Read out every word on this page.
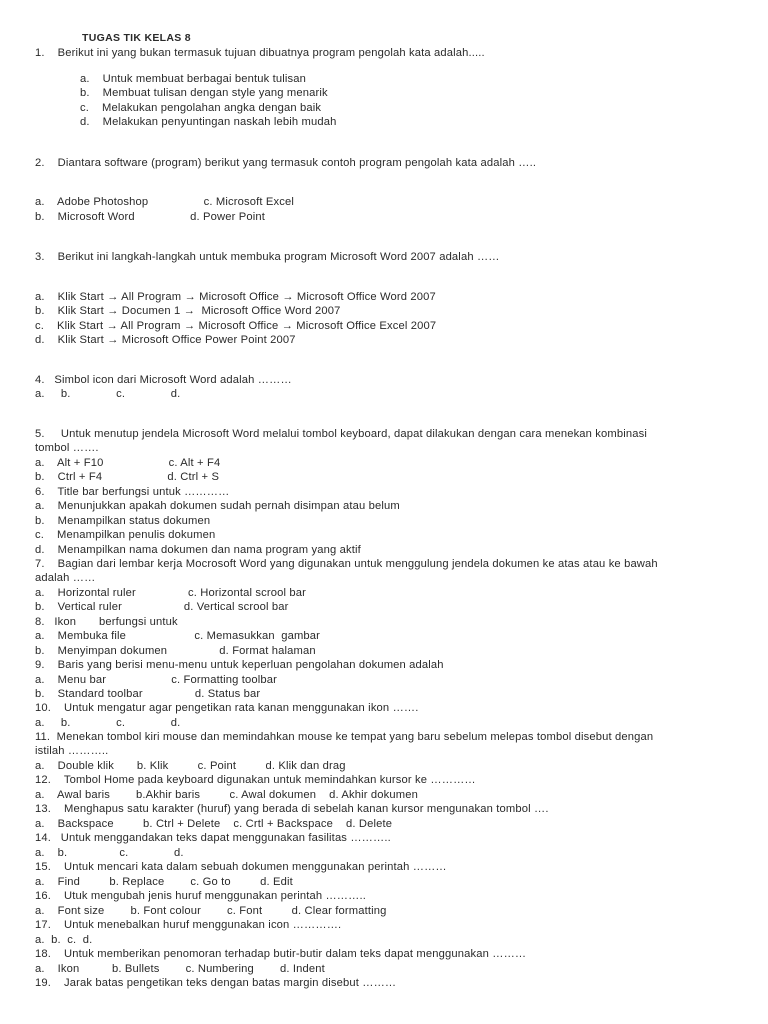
TUGAS TIK KELAS 8
1.    Berikut ini yang bukan termasuk tujuan dibuatnya program pengolah kata adalah.....
a.    Untuk membuat berbagai bentuk tulisan
b.    Membuat tulisan dengan style yang menarik
c.    Melakukan pengolahan angka dengan baik
d.    Melakukan penyuntingan naskah lebih mudah
2.    Diantara software (program) berikut yang termasuk contoh program pengolah kata adalah …..
a.    Adobe Photoshop                 c. Microsoft Excel
b.    Microsoft Word                 d. Power Point
3.    Berikut ini langkah-langkah untuk membuka program Microsoft Word 2007 adalah ……
a.    Klik Start → All Program → Microsoft Office → Microsoft Office Word 2007
b.    Klik Start → Documen 1 →  Microsoft Office Word 2007
c.    Klik Start → All Program → Microsoft Office → Microsoft Office Excel 2007
d.    Klik Start → Microsoft Office Power Point 2007
4.   Simbol icon dari Microsoft Word adalah ………
a.     b.              c.              d.
5.     Untuk menutup jendela Microsoft Word melalui tombol keyboard, dapat dilakukan dengan cara menekan kombinasi
tombol …….
a.    Alt + F10                    c. Alt + F4
b.    Ctrl + F4                    d. Ctrl + S
6.    Title bar berfungsi untuk …………
a.    Menunjukkan apakah dokumen sudah pernah disimpan atau belum
b.    Menampilkan status dokumen
c.    Menampilkan penulis dokumen
d.    Menampilkan nama dokumen dan nama program yang aktif
7.    Bagian dari lembar kerja Mocrosoft Word yang digunakan untuk menggulung jendela dokumen ke atas atau ke bawah
adalah ……
a.    Horizontal ruler                c. Horizontal scrool bar
b.    Vertical ruler                   d. Vertical scrool bar
8.   Ikon       berfungsi untuk
a.    Membuka file                     c. Memasukkan  gambar
b.    Menyimpan dokumen                d. Format halaman
9.    Baris yang berisi menu-menu untuk keperluan pengolahan dokumen adalah
a.    Menu bar                    c. Formatting toolbar
b.    Standard toolbar                d. Status bar
10.    Untuk mengatur agar pengetikan rata kanan menggunakan ikon …….
a.     b.              c.              d.
11.  Menekan tombol kiri mouse dan memindahkan mouse ke tempat yang baru sebelum melepas tombol disebut dengan
istilah ………..
a.    Double klik       b. Klik         c. Point         d. Klik dan drag
12.    Tombol Home pada keyboard digunakan untuk memindahkan kursor ke …………
a.    Awal baris        b.Akhir baris         c. Awal dokumen    d. Akhir dokumen
13.    Menghapus satu karakter (huruf) yang berada di sebelah kanan kursor mengunakan tombol ….
a.    Backspace         b. Ctrl + Delete    c. Crtl + Backspace    d. Delete
14.   Untuk menggandakan teks dapat menggunakan fasilitas ………..
a.    b.                c.              d.
15.    Untuk mencari kata dalam sebuah dokumen menggunakan perintah ………
a.    Find         b. Replace        c. Go to         d. Edit
16.    Utuk mengubah jenis huruf menggunakan perintah ………..
a.    Font size        b. Font colour        c. Font         d. Clear formatting
17.    Untuk menebalkan huruf menggunakan icon ………….
a.  b.  c.  d.
18.    Untuk memberikan penomoran terhadap butir-butir dalam teks dapat menggunakan ………
a.    Ikon          b. Bullets        c. Numbering        d. Indent
19.    Jarak batas pengetikan teks dengan batas margin disebut ………
